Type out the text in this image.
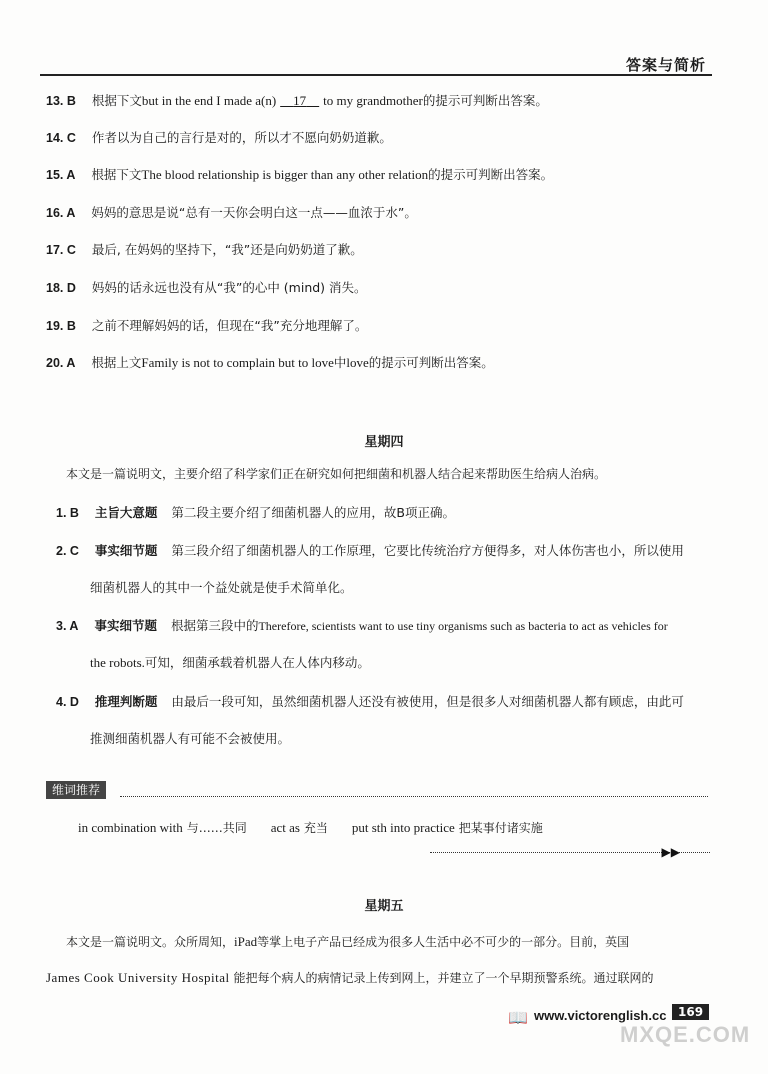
答案与简析
13. B 根据下文but in the end I made a(n) 17 to my grandmother的提示可判断出答案。
14. C 作者以为自己的言行是对的，所以才不愿向奶奶道歉。
15. A 根据下文The blood relationship is bigger than any other relation的提示可判断出答案。
16. A 妈妈的意思是说“总有一天你会明白这一点——血浓于水”。
17. C 最后, 在妈妈的坚持下，“我”还是向奶奶道了歉。
18. D 妈妈的话永远也没有从“我”的心中 (mind) 消失。
19. B 之前不理解妈妈的话，但现在“我”充分地理解了。
20. A 根据上文Family is not to complain but to love中love的提示可判断出答案。
星期四
本文是一篇说明文，主要介绍了科学家们正在研究如何把细菌和机器人结合起来帮助医生给病人治病。
1. B 主旨大意题 第二段主要介绍了细菌机器人的应用，故B项正确。
2. C 事实细节题 第三段介绍了细菌机器人的工作原理，它要比传统治疗方便得多，对人体伤害也小，所以使用
细菌机器人的其中一个益处就是使手术简单化。
3. A 事实细节题 根据第三段中的Therefore, scientists want to use tiny organisms such as bacteria to act as vehicles for
the robots.可知，细菌承载着机器人在人体内移动。
4. D 推理判断题 由最后一段可知，虽然细菌机器人还没有被使用，但是很多人对细菌机器人都有顾虑，由此可
推测细菌机器人有可能不会被使用。
维词推荐
in combination with 与……共同 act as 充当 put sth into practice 把某事付诸实施
▶▶
星期五
本文是一篇说明文。众所周知，iPad等掌上电子产品已经成为很多人生活中必不可少的一部分。目前，英国
James Cook University Hospital 能把每个病人的病情记录上传到网上，并建立了一个早期预警系统。通过联网的
📖 www.victorenglish.cc 169
MXQE.COM
